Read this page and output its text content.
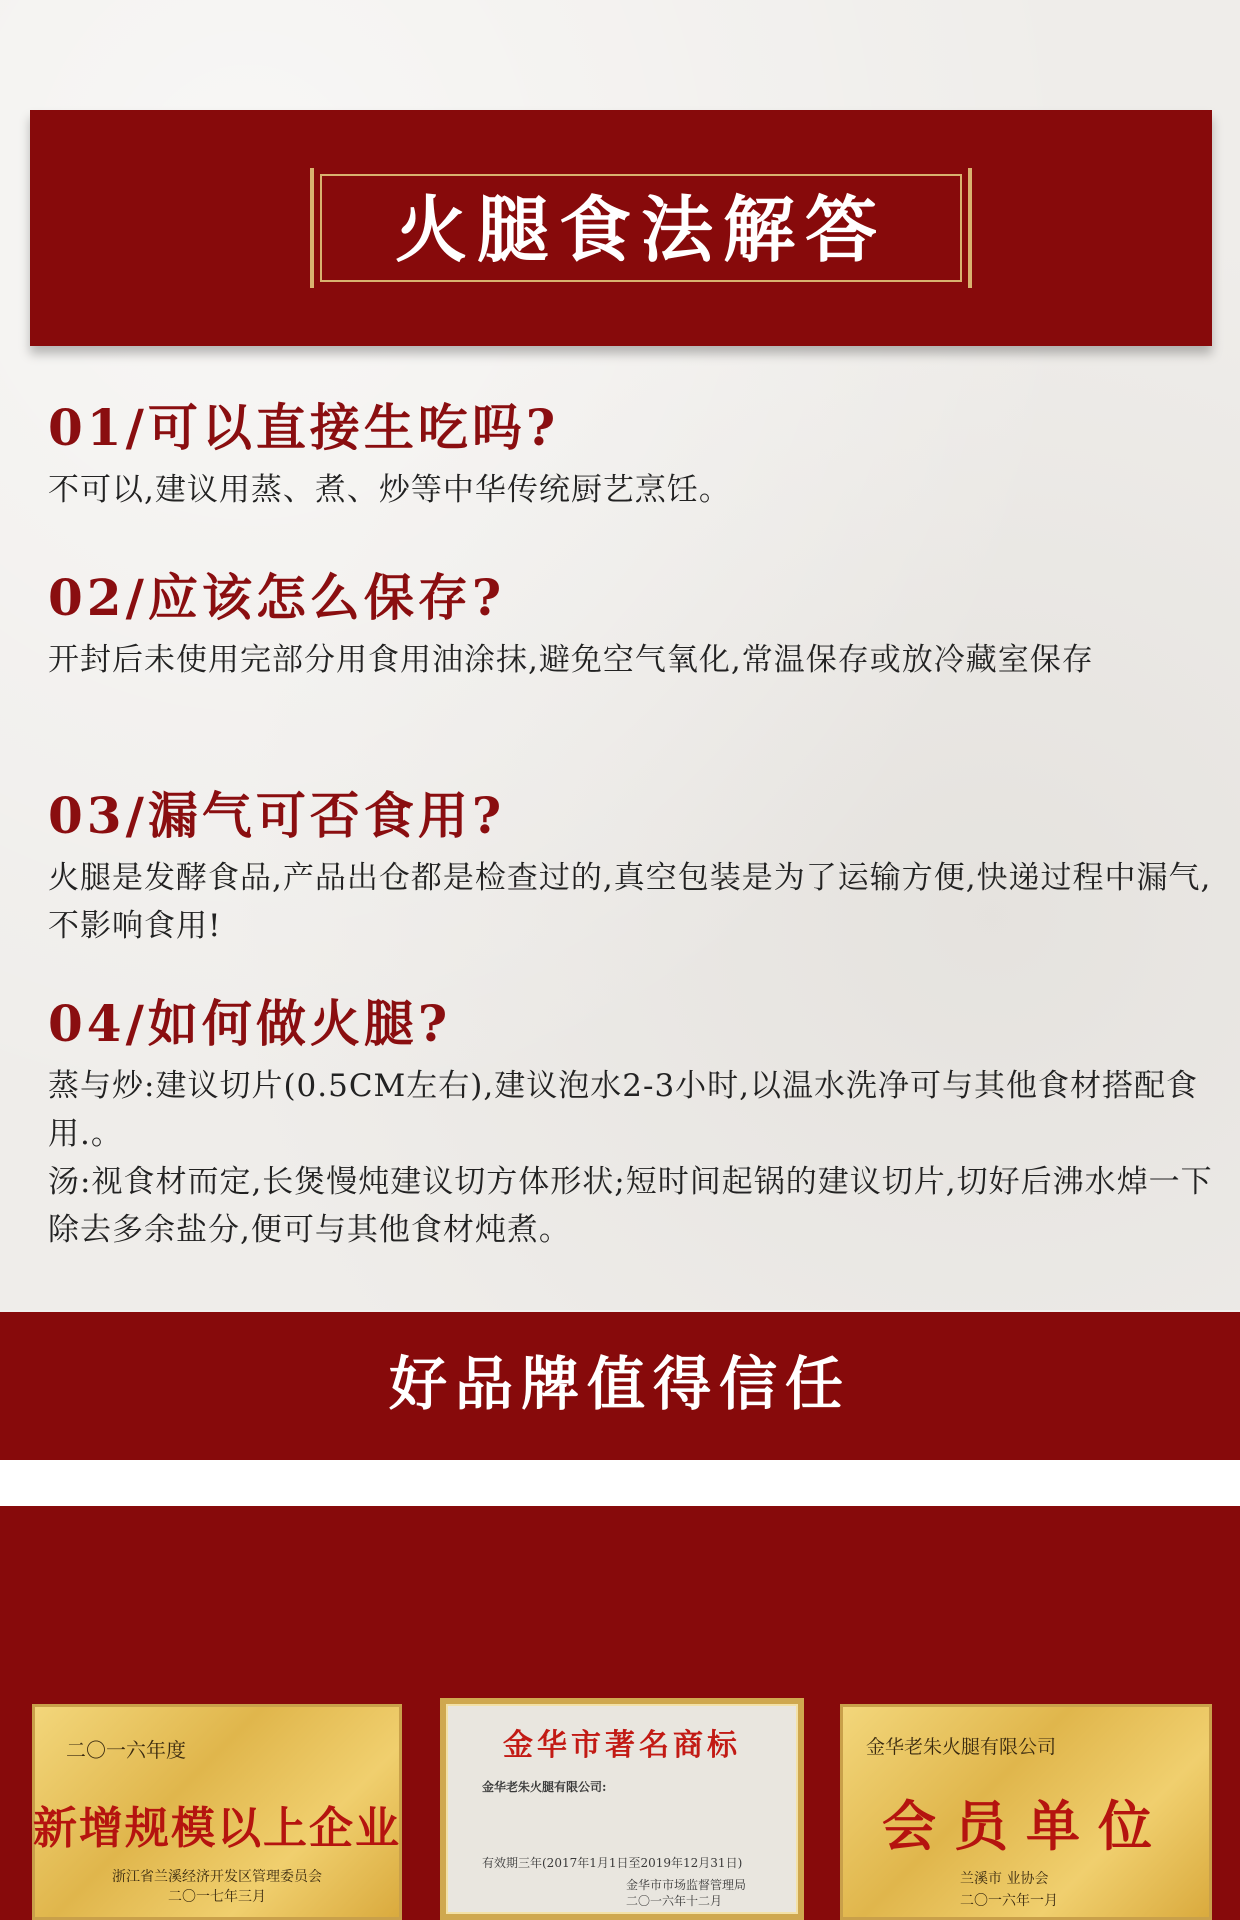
火腿食法解答

01/可以直接生吃吗?

不可以,建议用蒸、煮、炒等中华传统厨艺烹饪。

02/应该怎么保存?

开封后未使用完部分用食用油涂抹,避免空气氧化,常温保存或放冷藏室保存

03/漏气可否食用?

火腿是发酵食品,产品出仓都是检查过的,真空包装是为了运输方便,快递过程中漏气,不影响食用!

04/如何做火腿?

蒸与炒:建议切片(0.5CM左右),建议泡水2-3小时,以温水洗净可与其他食材搭配食用.。

汤:视食材而定,长煲慢炖建议切方体形状;短时间起锅的建议切片,切好后沸水焯一下除去多余盐分,便可与其他食材炖煮。

好品牌值得信任
二〇一六年度
新增规模以上企业
浙江省兰溪经济开发区管理委员会
二〇一七年三月
金华市著名商标
金华老朱火腿有限公司:
有效期三年(2017年1月1日至2019年12月31日)
金华市市场监督管理局
二〇一六年十二月
金华老朱火腿有限公司
会员单位
兰溪市 业协会
二〇一六年一月
